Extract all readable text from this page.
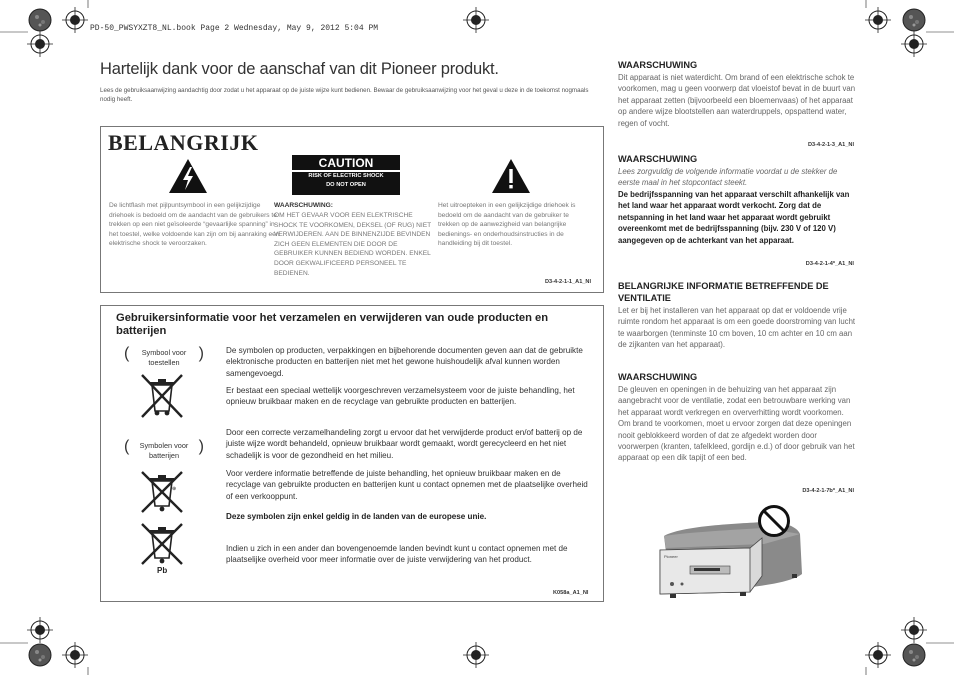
PD-50_PWSYXZT8_NL.book Page 2 Wednesday, May 9, 2012 5:04 PM
Hartelijk dank voor de aanschaf van dit Pioneer produkt.
Lees de gebruiksaanwijzing aandachtig door zodat u het apparaat op de juiste wijze kunt bedienen. Bewaar de gebruiksaanwijzing voor het geval u deze in de toekomst nogmaals nodig heeft.
BELANGRIJK
CAUTION
RISK OF ELECTRIC SHOCK
DO NOT OPEN
De lichtflash met pijlpuntsymbool in een gelijkzijdige driehoek is bedoeld om de aandacht van de gebruikers te trekken op een niet geïsoleerde “gevaarlijke spanning” in het toestel, welke voldoende kan zijn om bij aanraking een elektrische shock te veroorzaken.
WAARSCHUWING:
OM HET GEVAAR VOOR EEN ELEKTRISCHE SHOCK TE VOORKOMEN, DEKSEL (OF RUG) NIET VERWIJDEREN. AAN DE BINNENZIJDE BEVINDEN ZICH GEEN ELEMENTEN DIE DOOR DE GEBRUIKER KUNNEN BEDIEND WORDEN. ENKEL DOOR GEKWALIFICEERD PERSONEEL TE BEDIENEN.
Het uitroepteken in een gelijkzijdige driehoek is bedoeld om de aandacht van de gebruiker te trekken op de aanwezigheid van belangrijke bedienings- en onderhoudsinstructies in de handleiding bij dit toestel.
D3-4-2-1-1_A1_Nl
Gebruikersinformatie voor het verzamelen en verwijderen van oude producten en batterijen
(	Symbool voor toestellen
)
(	Symbolen voor batterijen
)
⊕
Pb
De symbolen op producten, verpakkingen en bijbehorende documenten geven aan dat de gebruikte elektronische producten en batterijen niet met het gewone huishoudelijk afval kunnen worden samengevoegd.
Er bestaat een speciaal wettelijk voorgeschreven verzamelsysteem voor de juiste behandling, het opnieuw bruikbaar maken en de recyclage van gebruikte producten en batterijen.
Door een correcte verzamelhandeling zorgt u ervoor dat het verwijderde product en/of batterij op de juiste wijze wordt behandeld, opnieuw bruikbaar wordt gemaakt, wordt gerecycleerd en het niet schadelijk is voor de gezondheid en het milieu.
Voor verdere informatie betreffende de juiste behandling, het opnieuw bruikbaar maken en de recyclage van gebruikte producten en batterijen kunt u contact opnemen met de plaatselijke overheid of een verkooppunt.
Deze symbolen zijn enkel geldig in de landen van de europese unie.
Indien u zich in een ander dan bovengenoemde landen bevindt kunt u contact opnemen met de plaatselijke overheid voor meer informatie over de juiste verwijdering van het product.
K058a_A1_Nl
WAARSCHUWING
Dit apparaat is niet waterdicht. Om brand of een elektrische schok te voorkomen, mag u geen voorwerp dat vloeistof bevat in de buurt van het apparaat zetten (bijvoorbeeld een bloemenvaas) of het apparaat op andere wijze blootstellen aan waterdruppels, opspattend water, regen of vocht.
D3-4-2-1-3_A1_Nl
WAARSCHUWING
Lees zorgvuldig de volgende informatie voordat u de stekker de eerste maal in het stopcontact steekt.
De bedrijfsspanning van het apparaat verschilt afhankelijk van het land waar het apparaat wordt verkocht. Zorg dat de netspanning in het land waar het apparaat wordt gebruikt overeenkomt met de bedrijfsspanning (bijv. 230 V of 120 V) aangegeven op de achterkant van het apparaat.
D3-4-2-1-4*_A1_Nl
BELANGRIJKE INFORMATIE BETREFFENDE DE VENTILATIE
Let er bij het installeren van het apparaat op dat er voldoende vrije ruimte rondom het apparaat is om een goede doorstroming van lucht te waarborgen (tenminste 10 cm boven, 10 cm achter en 10 cm aan de zijkanten van het apparaat).
WAARSCHUWING
De gleuven en openingen in de behuizing van het apparaat zijn aangebracht voor de ventilatie, zodat een betrouwbare werking van het apparaat wordt verkregen en oververhitting wordt voorkomen. Om brand te voorkomen, moet u ervoor zorgen dat deze openingen nooit geblokkeerd worden of dat ze afgedekt worden door voorwerpen (kranten, tafelkleed, gordijn e.d.) of door gebruik van het apparaat op een dik tapijt of een bed.
D3-4-2-1-7b*_A1_Nl
Pioneer
